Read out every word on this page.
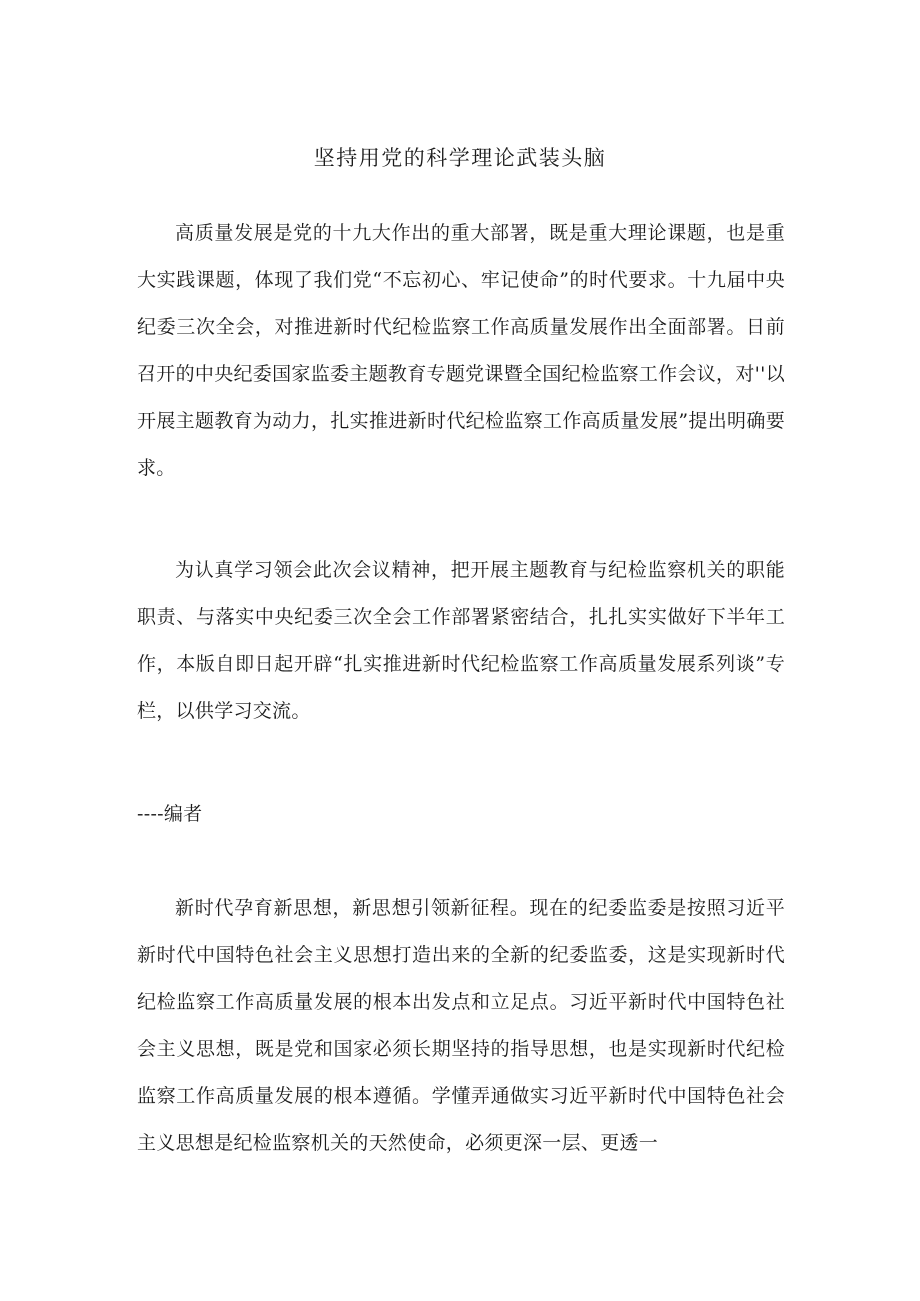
坚持用党的科学理论武装头脑

高质量发展是党的十九大作出的重大部署，既是重大理论课题，也是重大实践课题，体现了我们党“不忘初心、牢记使命”的时代要求。十九届中央纪委三次全会，对推进新时代纪检监察工作高质量发展作出全面部署。日前召开的中央纪委国家监委主题教育专题党课暨全国纪检监察工作会议，对''以开展主题教育为动力，扎实推进新时代纪检监察工作高质量发展”提出明确要求。

为认真学习领会此次会议精神，把开展主题教育与纪检监察机关的职能职责、与落实中央纪委三次全会工作部署紧密结合，扎扎实实做好下半年工作，本版自即日起开辟“扎实推进新时代纪检监察工作高质量发展系列谈”专栏，以供学习交流。

----编者

新时代孕育新思想，新思想引领新征程。现在的纪委监委是按照习近平新时代中国特色社会主义思想打造出来的全新的纪委监委，这是实现新时代纪检监察工作高质量发展的根本出发点和立足点。习近平新时代中国特色社会主义思想，既是党和国家必须长期坚持的指导思想，也是实现新时代纪检监察工作高质量发展的根本遵循。学懂弄通做实习近平新时代中国特色社会主义思想是纪检监察机关的天然使命，必须更深一层、更透一
